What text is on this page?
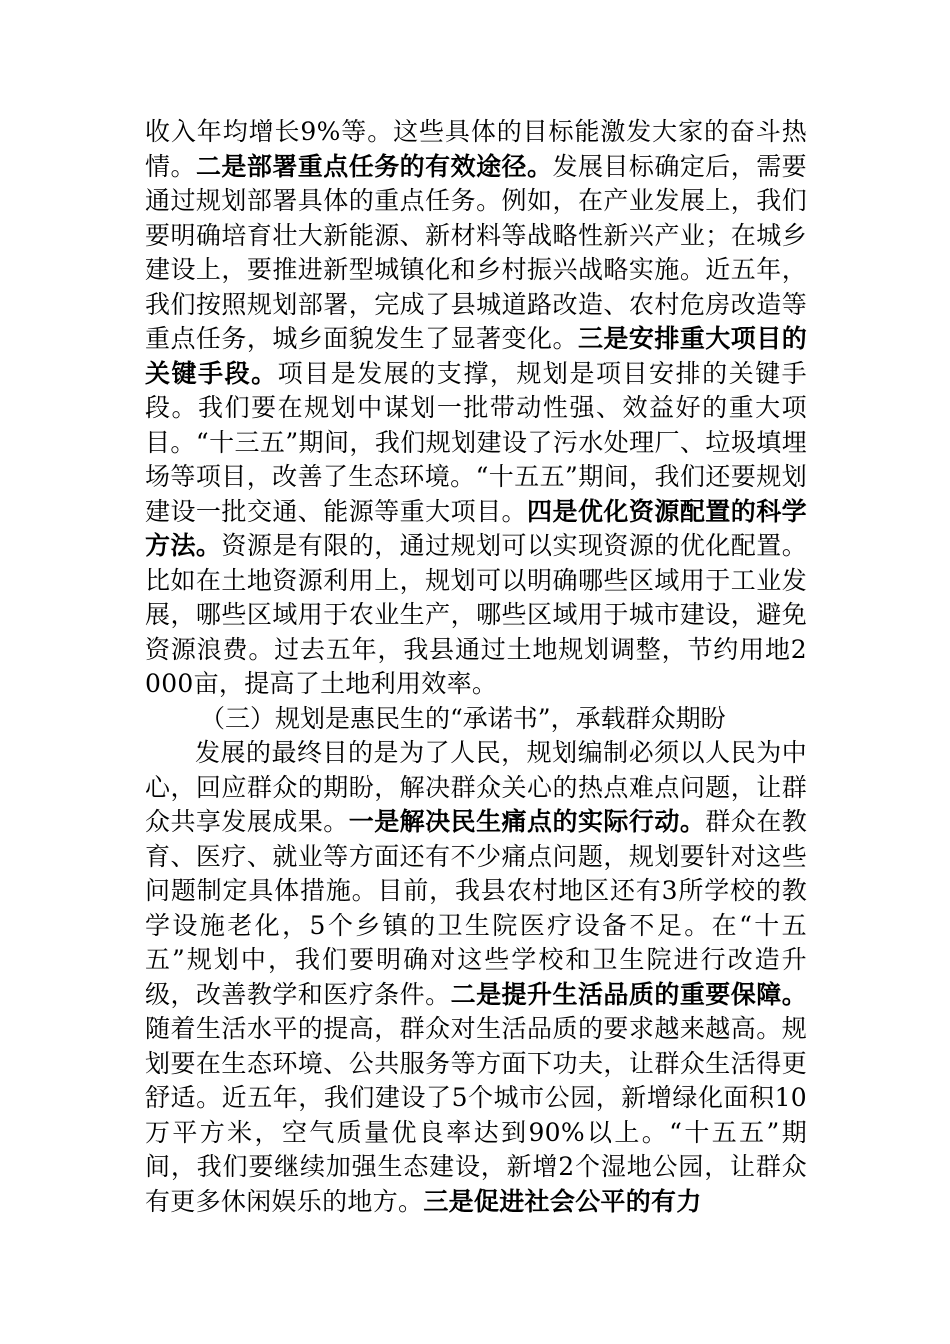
收入年均增长9%等。这些具体的目标能激发大家的奋斗热情。二是部署重点任务的有效途径。发展目标确定后，需要通过规划部署具体的重点任务。例如，在产业发展上，我们要明确培育壮大新能源、新材料等战略性新兴产业；在城乡建设上，要推进新型城镇化和乡村振兴战略实施。近五年，我们按照规划部署，完成了县城道路改造、农村危房改造等重点任务，城乡面貌发生了显著变化。三是安排重大项目的关键手段。项目是发展的支撑，规划是项目安排的关键手段。我们要在规划中谋划一批带动性强、效益好的重大项目。“十三五”期间，我们规划建设了污水处理厂、垃圾填埋场等项目，改善了生态环境。“十五五”期间，我们还要规划建设一批交通、能源等重大项目。四是优化资源配置的科学方法。资源是有限的，通过规划可以实现资源的优化配置。比如在土地资源利用上，规划可以明确哪些区域用于工业发展，哪些区域用于农业生产，哪些区域用于城市建设，避免资源浪费。过去五年，我县通过土地规划调整，节约用地2000亩，提高了土地利用效率。

（三）规划是惠民生的“承诺书”，承载群众期盼

发展的最终目的是为了人民，规划编制必须以人民为中心，回应群众的期盼，解决群众关心的热点难点问题，让群众共享发展成果。一是解决民生痛点的实际行动。群众在教育、医疗、就业等方面还有不少痛点问题，规划要针对这些问题制定具体措施。目前，我县农村地区还有3所学校的教学设施老化，5个乡镇的卫生院医疗设备不足。在“十五五”规划中，我们要明确对这些学校和卫生院进行改造升级，改善教学和医疗条件。二是提升生活品质的重要保障。随着生活水平的提高，群众对生活品质的要求越来越高。规划要在生态环境、公共服务等方面下功夫，让群众生活得更舒适。近五年，我们建设了5个城市公园，新增绿化面积10万平方米，空气质量优良率达到90%以上。“十五五”期间，我们要继续加强生态建设，新增2个湿地公园，让群众有更多休闲娱乐的地方。三是促进社会公平的有力
